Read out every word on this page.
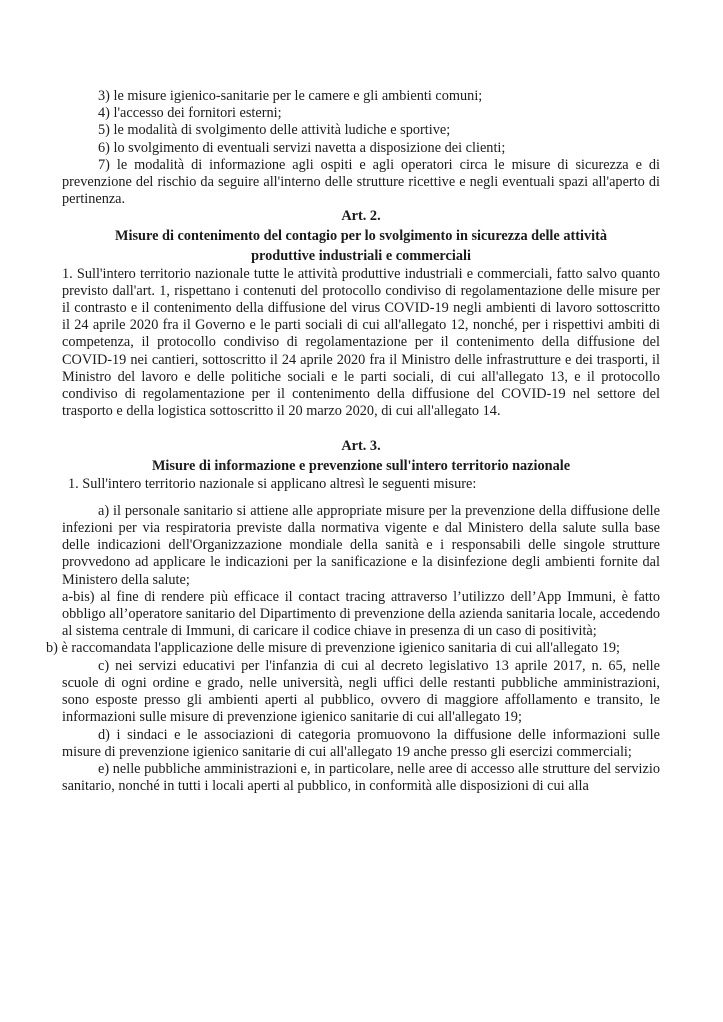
3) le misure igienico-sanitarie per le camere e gli ambienti comuni;

4) l'accesso dei fornitori esterni;

5) le modalità di svolgimento delle attività ludiche e sportive;

6) lo svolgimento di eventuali servizi navetta a disposizione dei clienti;

7) le modalità di informazione agli ospiti e agli operatori circa le misure di sicurezza e di prevenzione del rischio da seguire all'interno delle strutture ricettive e negli eventuali spazi all'aperto di pertinenza.

Art. 2.

Misure di contenimento del contagio per lo svolgimento in sicurezza delle attività produttive industriali e commerciali

1. Sull'intero territorio nazionale tutte le attività produttive industriali e commerciali, fatto salvo quanto previsto dall'art. 1, rispettano i contenuti del protocollo condiviso di regolamentazione delle misure per il contrasto e il contenimento della diffusione del virus COVID-19 negli ambienti di lavoro sottoscritto il 24 aprile 2020 fra il Governo e le parti sociali di cui all'allegato 12, nonché, per i rispettivi ambiti di competenza, il protocollo condiviso di regolamentazione per il contenimento della diffusione del COVID-19 nei cantieri, sottoscritto il 24 aprile 2020 fra il Ministro delle infrastrutture e dei trasporti, il Ministro del lavoro e delle politiche sociali e le parti sociali, di cui all'allegato 13, e il protocollo condiviso di regolamentazione per il contenimento della diffusione del COVID-19 nel settore del trasporto e della logistica sottoscritto il 20 marzo 2020, di cui all'allegato 14.

Art. 3.

Misure di informazione e prevenzione sull'intero territorio nazionale

1. Sull'intero territorio nazionale si applicano altresì le seguenti misure:

a) il personale sanitario si attiene alle appropriate misure per la prevenzione della diffusione delle infezioni per via respiratoria previste dalla normativa vigente e dal Ministero della salute sulla base delle indicazioni dell'Organizzazione mondiale della sanità e i responsabili delle singole strutture provvedono ad applicare le indicazioni per la sanificazione e la disinfezione degli ambienti fornite dal Ministero della salute;

a-bis) al fine di rendere più efficace il contact tracing attraverso l’utilizzo dell’App Immuni, è fatto obbligo all’operatore sanitario del Dipartimento di prevenzione della azienda sanitaria locale, accedendo al sistema centrale di Immuni, di caricare il codice chiave in presenza di un caso di positività;

b) è raccomandata l'applicazione delle misure di prevenzione igienico sanitaria di cui all'allegato 19;

c) nei servizi educativi per l'infanzia di cui al decreto legislativo 13 aprile 2017, n. 65, nelle scuole di ogni ordine e grado, nelle università, negli uffici delle restanti pubbliche amministrazioni, sono esposte presso gli ambienti aperti al pubblico, ovvero di maggiore affollamento e transito, le informazioni sulle misure di prevenzione igienico sanitarie di cui all'allegato 19;

d) i sindaci e le associazioni di categoria promuovono la diffusione delle informazioni sulle misure di prevenzione igienico sanitarie di cui all'allegato 19 anche presso gli esercizi commerciali;

e) nelle pubbliche amministrazioni e, in particolare, nelle aree di accesso alle strutture del servizio sanitario, nonché in tutti i locali aperti al pubblico, in conformità alle disposizioni di cui alla
